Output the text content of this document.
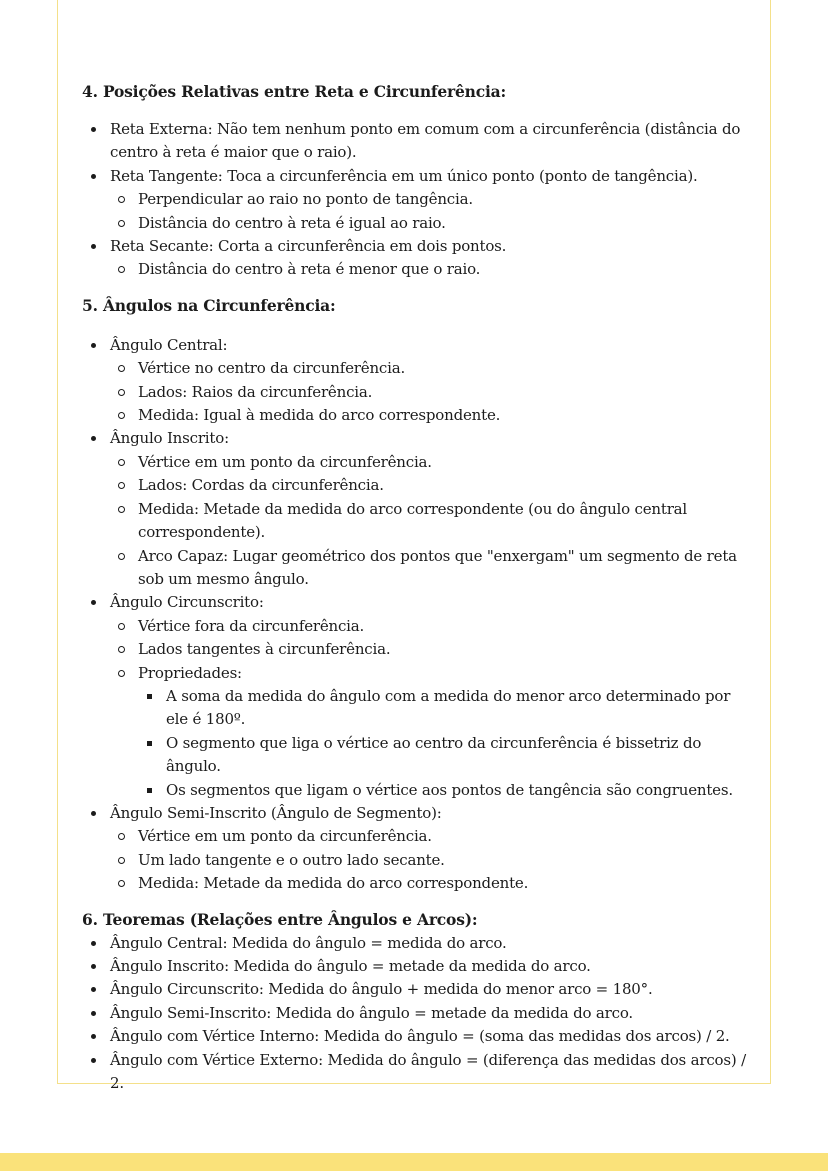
4. Posições Relativas entre Reta e Circunferência:
Reta Externa: Não tem nenhum ponto em comum com a circunferência (distância do centro à reta é maior que o raio).
Reta Tangente: Toca a circunferência em um único ponto (ponto de tangência).
Perpendicular ao raio no ponto de tangência.
Distância do centro à reta é igual ao raio.
Reta Secante: Corta a circunferência em dois pontos.
Distância do centro à reta é menor que o raio.
5. Ângulos na Circunferência:
Ângulo Central:
Vértice no centro da circunferência.
Lados: Raios da circunferência.
Medida: Igual à medida do arco correspondente.
Ângulo Inscrito:
Vértice em um ponto da circunferência.
Lados: Cordas da circunferência.
Medida: Metade da medida do arco correspondente (ou do ângulo central correspondente).
Arco Capaz: Lugar geométrico dos pontos que "enxergam" um segmento de reta sob um mesmo ângulo.
Ângulo Circunscrito:
Vértice fora da circunferência.
Lados tangentes à circunferência.
Propriedades:
A soma da medida do ângulo com a medida do menor arco determinado por ele é 180º.
O segmento que liga o vértice ao centro da circunferência é bissetriz do ângulo.
Os segmentos que ligam o vértice aos pontos de tangência são congruentes.
Ângulo Semi-Inscrito (Ângulo de Segmento):
Vértice em um ponto da circunferência.
Um lado tangente e o outro lado secante.
Medida: Metade da medida do arco correspondente.
6. Teoremas (Relações entre Ângulos e Arcos):
Ângulo Central: Medida do ângulo = medida do arco.
Ângulo Inscrito: Medida do ângulo = metade da medida do arco.
Ângulo Circunscrito: Medida do ângulo + medida do menor arco = 180°.
Ângulo Semi-Inscrito: Medida do ângulo = metade da medida do arco.
Ângulo com Vértice Interno: Medida do ângulo = (soma das medidas dos arcos) / 2.
Ângulo com Vértice Externo: Medida do ângulo = (diferença das medidas dos arcos) / 2.
